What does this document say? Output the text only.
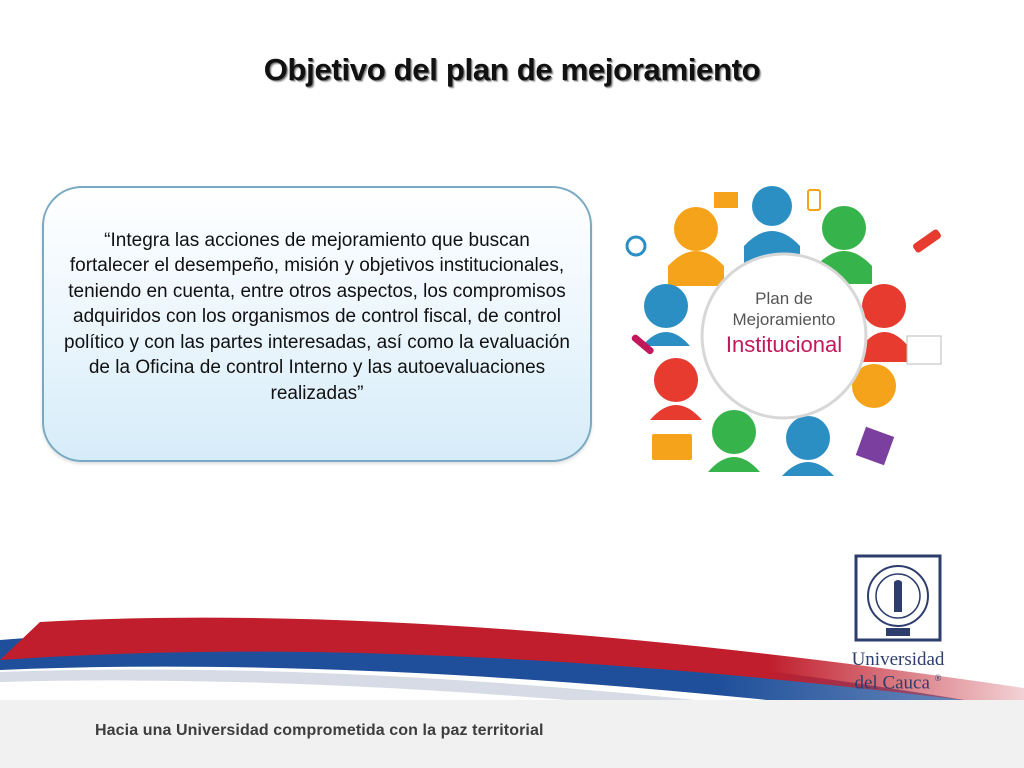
Objetivo del plan de mejoramiento
“Integra las acciones de mejoramiento que buscan fortalecer el desempeño, misión y objetivos institucionales, teniendo en cuenta, entre otros aspectos, los compromisos adquiridos con los organismos de control fiscal, de control político y con las partes interesadas, así como la evaluación de la Oficina de control Interno y las autoevaluaciones realizadas”
Plan de
Mejoramiento
Institucional
Universidad
del Cauca ®
Hacia una Universidad comprometida con la paz territorial
